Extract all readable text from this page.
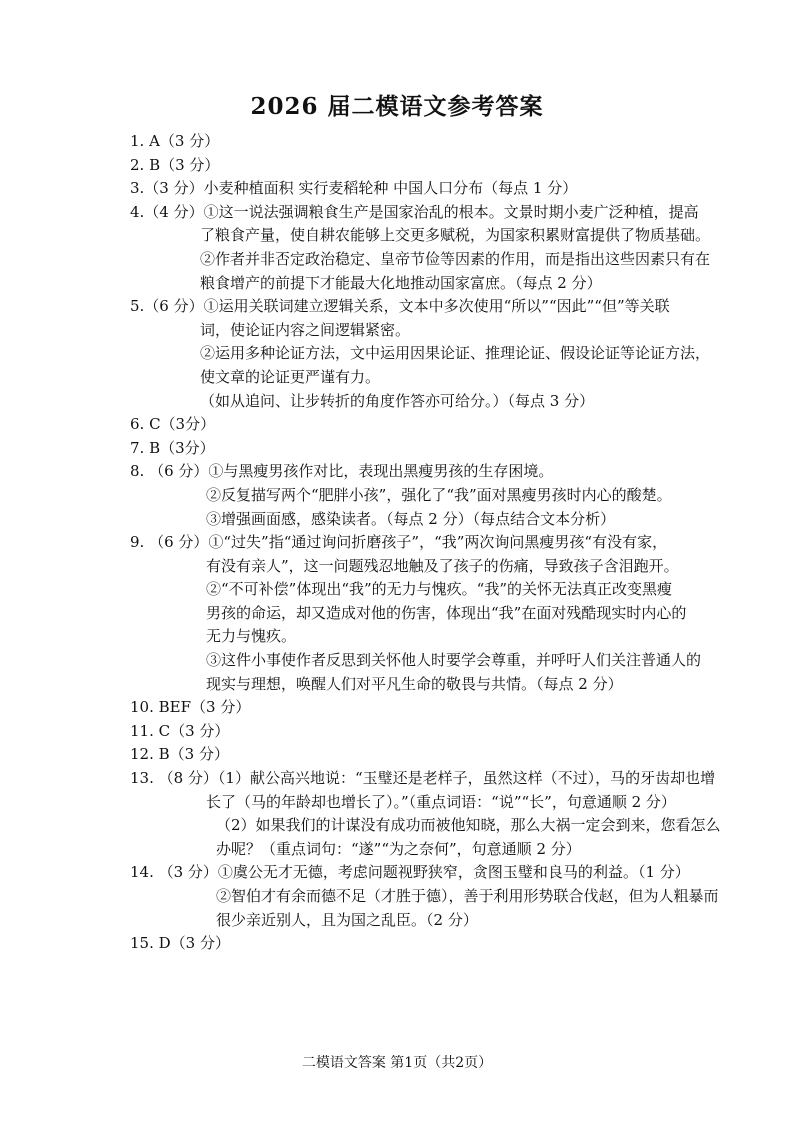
2026 届二模语文参考答案
1. A（3 分）
2. B（3 分）
3.（3 分）小麦种植面积 实行麦稻轮种 中国人口分布（每点 1 分）
4.（4 分）①这一说法强调粮食生产是国家治乱的根本。文景时期小麦广泛种植，提高
了粮食产量，使自耕农能够上交更多赋税，为国家积累财富提供了物质基础。
②作者并非否定政治稳定、皇帝节俭等因素的作用，而是指出这些因素只有在
粮食增产的前提下才能最大化地推动国家富庶。（每点 2 分）
5.（6 分）①运用关联词建立逻辑关系，文本中多次使用“所以”“因此”“但”等关联
词，使论证内容之间逻辑紧密。
②运用多种论证方法，文中运用因果论证、推理论证、假设论证等论证方法，
使文章的论证更严谨有力。
（如从追问、让步转折的角度作答亦可给分。）（每点 3 分）
6. C（3分）
7. B（3分）
8. （6 分）①与黑瘦男孩作对比，表现出黑瘦男孩的生存困境。
②反复描写两个“肥胖小孩”，强化了“我”面对黑瘦男孩时内心的酸楚。
③增强画面感，感染读者。（每点 2 分）（每点结合文本分析）
9. （6 分）①“过失”指“通过询问折磨孩子”，“我”两次询问黑瘦男孩“有没有家，
有没有亲人”，这一问题残忍地触及了孩子的伤痛，导致孩子含泪跑开。
②“不可补偿”体现出“我”的无力与愧疚。“我”的关怀无法真正改变黑瘦
男孩的命运，却又造成对他的伤害，体现出“我”在面对残酷现实时内心的
无力与愧疚。
③这件小事使作者反思到关怀他人时要学会尊重，并呼吁人们关注普通人的
现实与理想，唤醒人们对平凡生命的敬畏与共情。（每点 2 分）
10. BEF（3 分）
11. C（3 分）
12. B（3 分）
13. （8 分）（1）献公高兴地说：“玉璧还是老样子，虽然这样（不过），马的牙齿却也增
长了（马的年龄却也增长了）。”（重点词语：“说”“长”，句意通顺 2 分）
（2）如果我们的计谋没有成功而被他知晓，那么大祸一定会到来，您看怎么
办呢？（重点词句：“遂”“为之奈何”，句意通顺 2 分）
14. （3 分）①虞公无才无德，考虑问题视野狭窄，贪图玉璧和良马的利益。（1 分）
②智伯才有余而德不足（才胜于德），善于利用形势联合伐赵，但为人粗暴而
很少亲近别人，且为国之乱臣。（2 分）
15. D（3 分）
二模语文答案 第1页（共2页）
